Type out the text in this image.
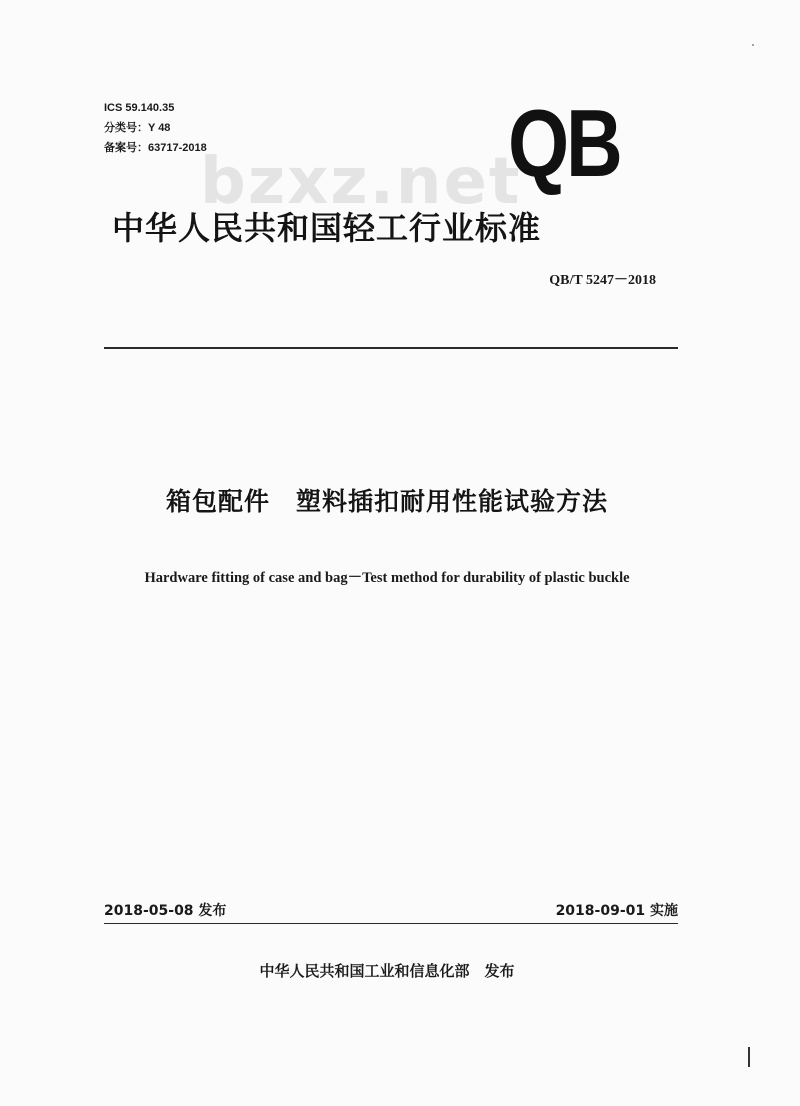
ICS 59.140.35
分类号：Y 48
备案号：63717-2018	QB
bzxz.net
中华人民共和国轻工行业标准
QB/T 5247－2018
箱包配件　塑料插扣耐用性能试验方法
Hardware fitting of case and bag－Test method for durability of plastic buckle
2018-05-08 发布	2018-09-01 实施
中华人民共和国工业和信息化部　发布
